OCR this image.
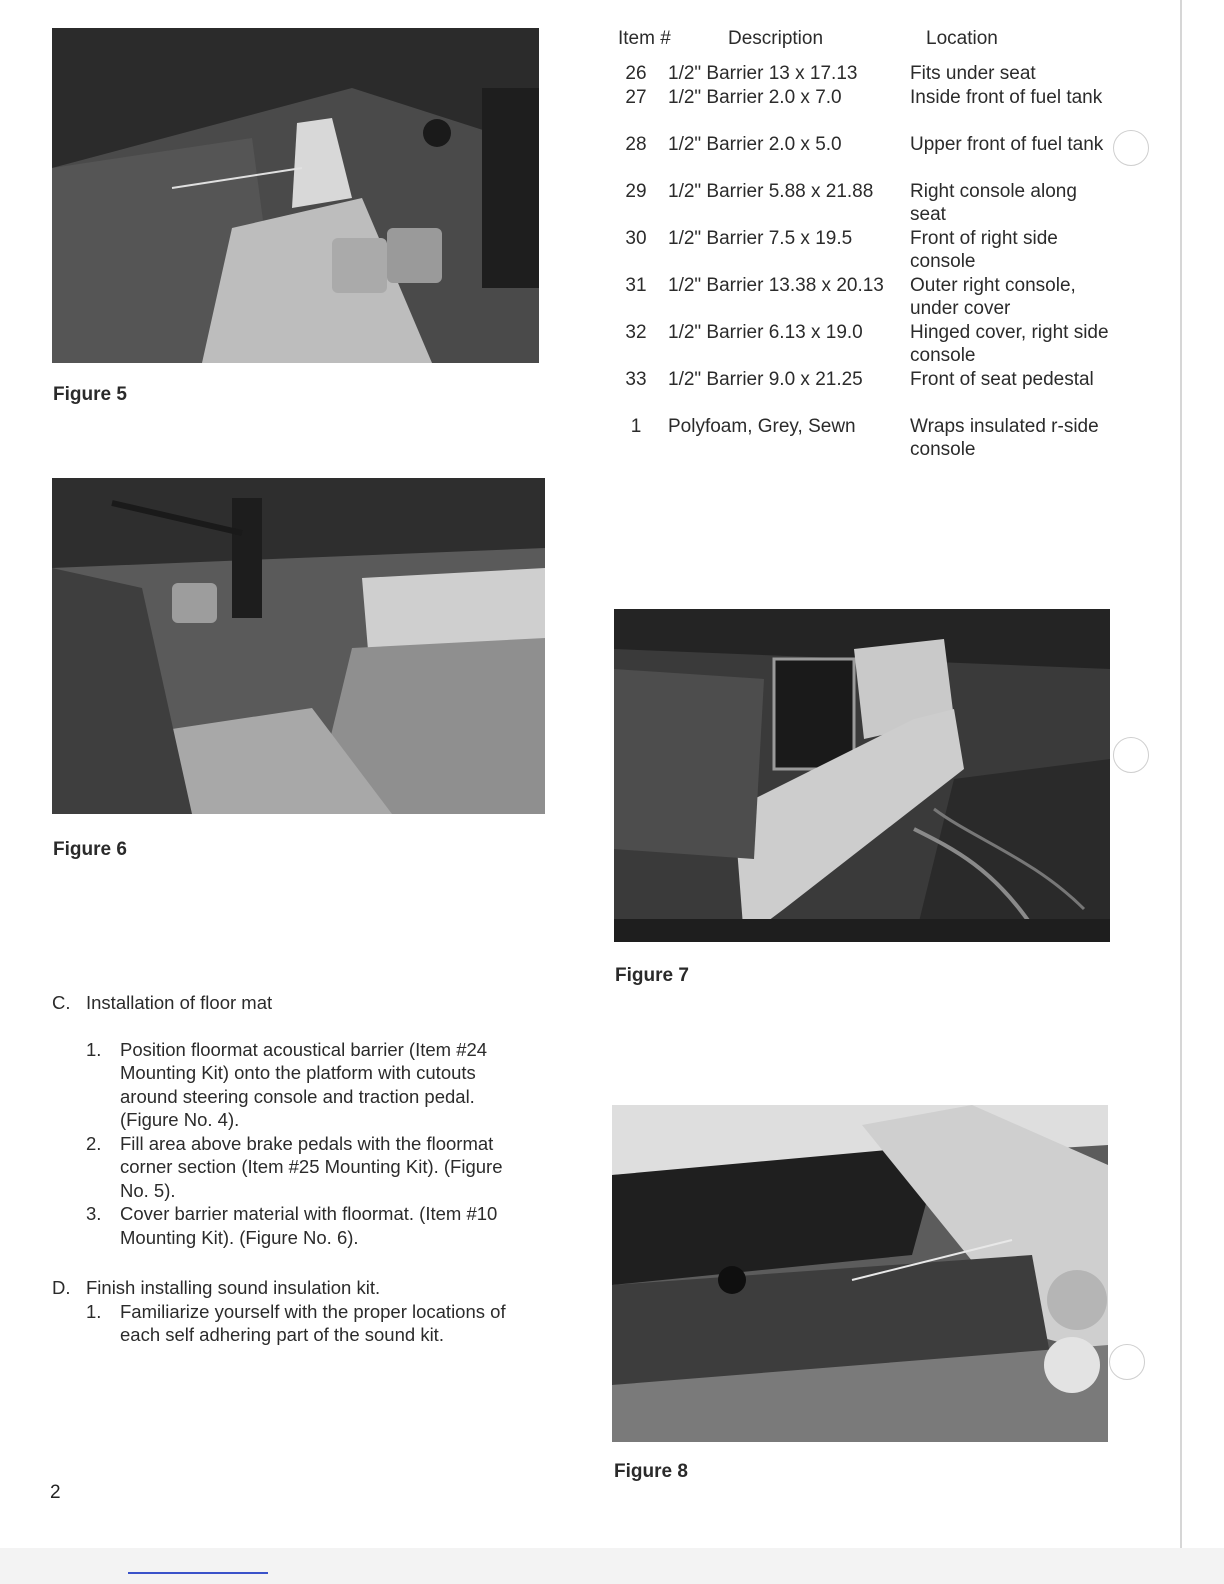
Figure 5
Figure 6
Item #	Description	Location
26	1/2" Barrier 13 x 17.13	Fits under seat
27	1/2" Barrier 2.0 x 7.0	Inside front of fuel tank
28	1/2" Barrier 2.0 x 5.0	Upper front of fuel tank
29	1/2" Barrier 5.88 x 21.88 Right console along seat
30	1/2" Barrier 7.5 x 19.5	Front of right side console
31	1/2" Barrier 13.38 x 20.13 Outer right console, under cover
32	1/2" Barrier 6.13 x 19.0 Hinged cover, right side console
33	1/2" Barrier 9.0 x 21.25 Front of seat pedestal
1	Polyfoam, Grey, Sewn	Wraps insulated r-side console
Figure 7
Figure 8
C. Installation of floor mat
1. Position floormat acoustical barrier (Item #24 Mounting Kit) onto the platform with cutouts around steering console and traction pedal. (Figure No. 4).
2. Fill area above brake pedals with the floormat corner section (Item #25 Mounting Kit). (Figure No. 5).
3. Cover barrier material with floormat. (Item #10 Mounting Kit). (Figure No. 6).
D. Finish installing sound insulation kit.
1. Familiarize yourself with the proper locations of each self adhering part of the sound kit.
2
